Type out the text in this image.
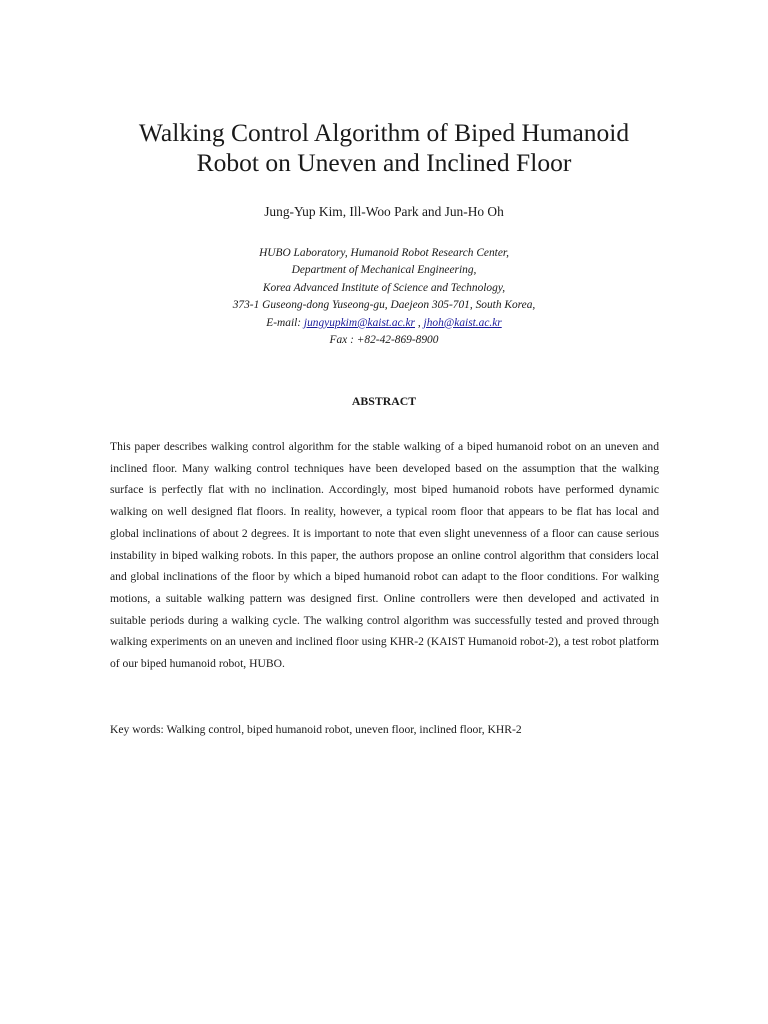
Walking Control Algorithm of Biped Humanoid
Robot on Uneven and Inclined Floor
Jung-Yup Kim, Ill-Woo Park and Jun-Ho Oh
HUBO Laboratory, Humanoid Robot Research Center,
Department of Mechanical Engineering,
Korea Advanced Institute of Science and Technology,
373-1 Guseong-dong Yuseong-gu, Daejeon 305-701, South Korea,
E-mail: jungyupkim@kaist.ac.kr , jhoh@kaist.ac.kr
Fax : +82-42-869-8900
ABSTRACT

This paper describes walking control algorithm for the stable walking of a biped humanoid robot on an uneven and inclined floor. Many walking control techniques have been developed based on the assumption that the walking surface is perfectly flat with no inclination. Accordingly, most biped humanoid robots have performed dynamic walking on well designed flat floors. In reality, however, a typical room floor that appears to be flat has local and global inclinations of about 2 degrees. It is important to note that even slight unevenness of a floor can cause serious instability in biped walking robots. In this paper, the authors propose an online control algorithm that considers local and global inclinations of the floor by which a biped humanoid robot can adapt to the floor conditions. For walking motions, a suitable walking pattern was designed first. Online controllers were then developed and activated in suitable periods during a walking cycle. The walking control algorithm was successfully tested and proved through walking experiments on an uneven and inclined floor using KHR-2 (KAIST Humanoid robot-2), a test robot platform of our biped humanoid robot, HUBO.

Key words: Walking control, biped humanoid robot, uneven floor, inclined floor, KHR-2
